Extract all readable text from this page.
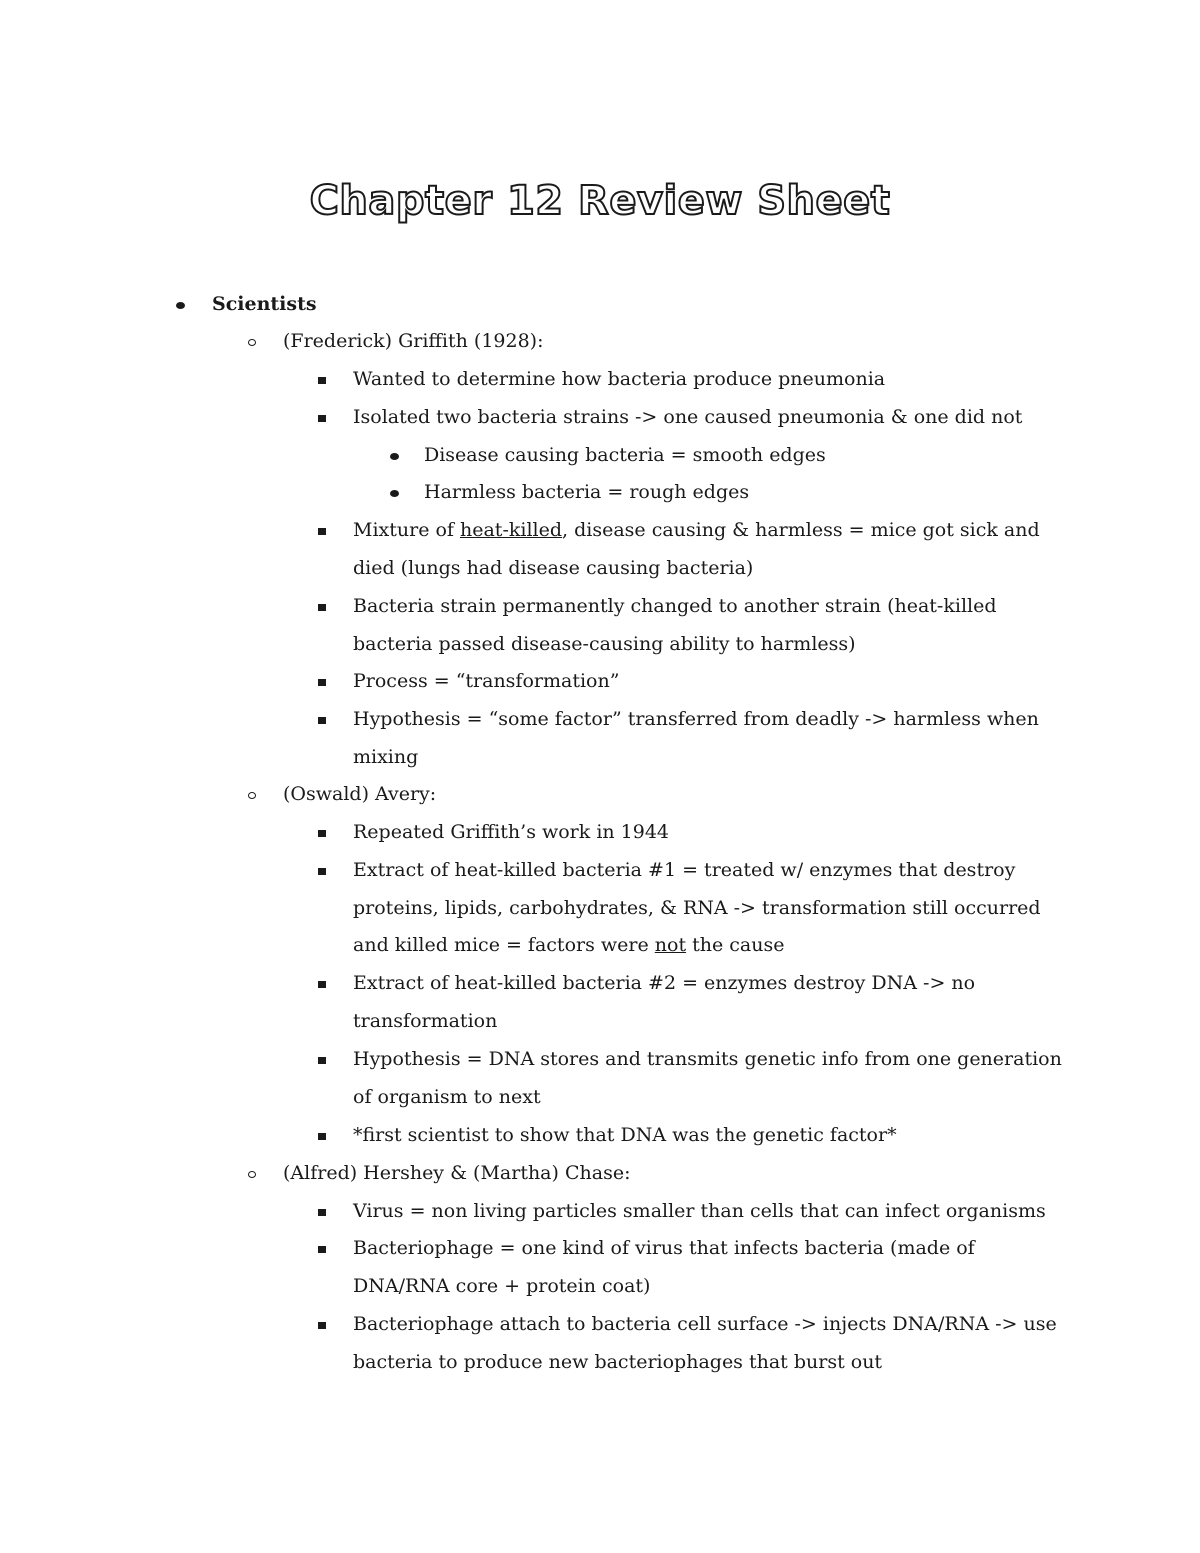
Chapter 12 Review Sheet
Scientists
(Frederick) Griffith (1928):
Wanted to determine how bacteria produce pneumonia
Isolated two bacteria strains -> one caused pneumonia & one did not
Disease causing bacteria = smooth edges
Harmless bacteria = rough edges
Mixture of heat-killed, disease causing & harmless = mice got sick and
died (lungs had disease causing bacteria)
Bacteria strain permanently changed to another strain (heat-killed
bacteria passed disease-causing ability to harmless)
Process = “transformation”
Hypothesis = “some factor” transferred from deadly -> harmless when
mixing
(Oswald) Avery:
Repeated Griffith’s work in 1944
Extract of heat-killed bacteria #1 = treated w/ enzymes that destroy
proteins, lipids, carbohydrates, & RNA -> transformation still occurred
and killed mice = factors were not the cause
Extract of heat-killed bacteria #2 = enzymes destroy DNA -> no
transformation
Hypothesis = DNA stores and transmits genetic info from one generation
of organism to next
*first scientist to show that DNA was the genetic factor*
(Alfred) Hershey & (Martha) Chase:
Virus = non living particles smaller than cells that can infect organisms
Bacteriophage = one kind of virus that infects bacteria (made of
DNA/RNA core + protein coat)
Bacteriophage attach to bacteria cell surface -> injects DNA/RNA -> use
bacteria to produce new bacteriophages that burst out
